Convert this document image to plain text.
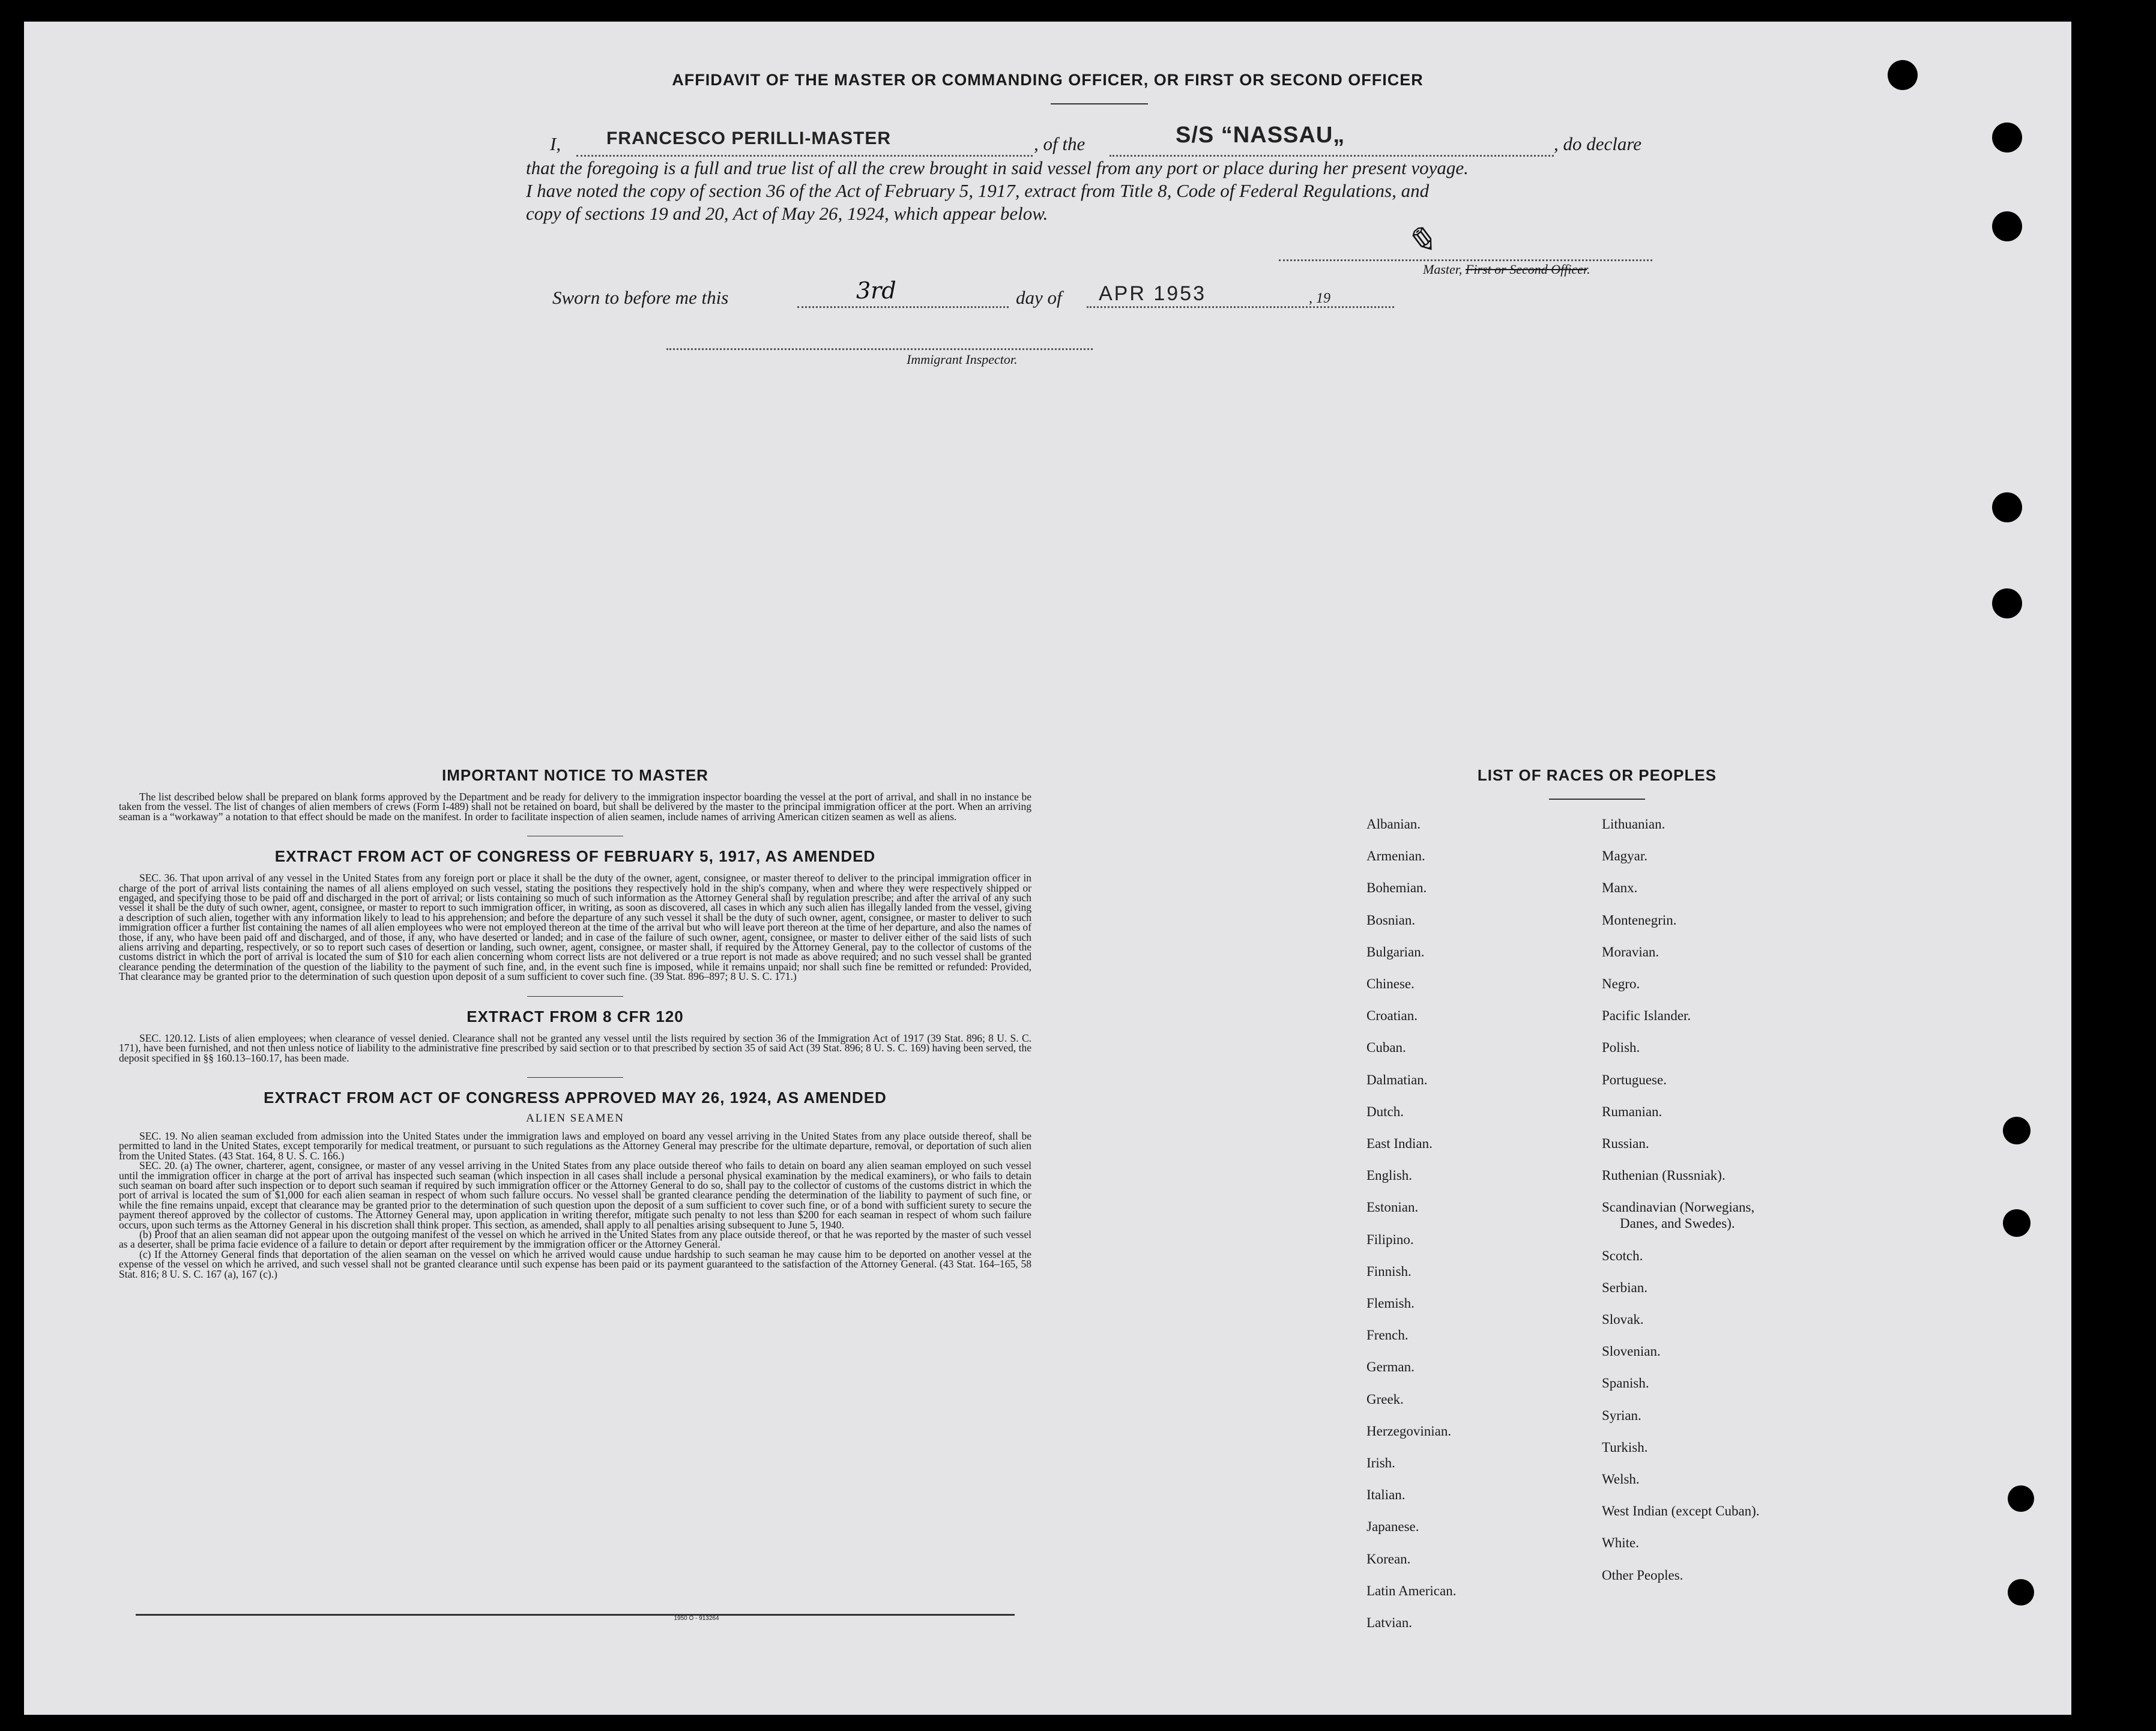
AFFIDAVIT OF THE MASTER OR COMMANDING OFFICER, OR FIRST OR SECOND OFFICER
I,	FRANCESCO PERILLI-MASTER	, of the	S/S “NASSAU„	, do declare
that the foregoing is a full and true list of all the crew brought in said vessel from any port or place during her present voyage.
I have noted the copy of section 36 of the Act of February 5, 1917, extract from Title 8, Code of Federal Regulations, and
copy of sections 19 and 20, Act of May 26, 1924, which appear below.
✎
Master, First or Second Officer.
Sworn to before me this	3rd	day of APR 1953	, 19
Immigrant Inspector.
IMPORTANT NOTICE TO MASTER

The list described below shall be prepared on blank forms approved by the Department and be ready for delivery to the immigration inspector boarding the vessel at the port of arrival, and shall in no instance be taken from the vessel. The list of changes of alien members of crews (Form I-489) shall not be retained on board, but shall be delivered by the master to the principal immigration officer at the port. When an arriving seaman is a “workaway” a notation to that effect should be made on the manifest. In order to facilitate inspection of alien seamen, include names of arriving American citizen seamen as well as aliens.

EXTRACT FROM ACT OF CONGRESS OF FEBRUARY 5, 1917, AS AMENDED

SEC. 36. That upon arrival of any vessel in the United States from any foreign port or place it shall be the duty of the owner, agent, consignee, or master thereof to deliver to the principal immigration officer in charge of the port of arrival lists containing the names of all aliens employed on such vessel, stating the positions they respectively hold in the ship's company, when and where they were respectively shipped or engaged, and specifying those to be paid off and discharged in the port of arrival; or lists containing so much of such information as the Attorney General shall by regulation prescribe; and after the arrival of any such vessel it shall be the duty of such owner, agent, consignee, or master to report to such immigration officer, in writing, as soon as discovered, all cases in which any such alien has illegally landed from the vessel, giving a description of such alien, together with any information likely to lead to his apprehension; and before the departure of any such vessel it shall be the duty of such owner, agent, consignee, or master to deliver to such immigration officer a further list containing the names of all alien employees who were not employed thereon at the time of the arrival but who will leave port thereon at the time of her departure, and also the names of those, if any, who have been paid off and discharged, and of those, if any, who have deserted or landed; and in case of the failure of such owner, agent, consignee, or master to deliver either of the said lists of such aliens arriving and departing, respectively, or so to report such cases of desertion or landing, such owner, agent, consignee, or master shall, if required by the Attorney General, pay to the collector of customs of the customs district in which the port of arrival is located the sum of $10 for each alien concerning whom correct lists are not delivered or a true report is not made as above required; and no such vessel shall be granted clearance pending the determination of the question of the liability to the payment of such fine, and, in the event such fine is imposed, while it remains unpaid; nor shall such fine be remitted or refunded: Provided, That clearance may be granted prior to the determination of such question upon deposit of a sum sufficient to cover such fine. (39 Stat. 896–897; 8 U. S. C. 171.)

EXTRACT FROM 8 CFR 120

SEC. 120.12. Lists of alien employees; when clearance of vessel denied. Clearance shall not be granted any vessel until the lists required by section 36 of the Immigration Act of 1917 (39 Stat. 896; 8 U. S. C. 171), have been furnished, and not then unless notice of liability to the administrative fine prescribed by said section or to that prescribed by section 35 of said Act (39 Stat. 896; 8 U. S. C. 169) having been served, the deposit specified in §§ 160.13–160.17, has been made.

EXTRACT FROM ACT OF CONGRESS APPROVED MAY 26, 1924, AS AMENDED
ALIEN SEAMEN

SEC. 19. No alien seaman excluded from admission into the United States under the immigration laws and employed on board any vessel arriving in the United States from any place outside thereof, shall be permitted to land in the United States, except temporarily for medical treatment, or pursuant to such regulations as the Attorney General may prescribe for the ultimate departure, removal, or deportation of such alien from the United States. (43 Stat. 164, 8 U. S. C. 166.)

SEC. 20. (a) The owner, charterer, agent, consignee, or master of any vessel arriving in the United States from any place outside thereof who fails to detain on board any alien seaman employed on such vessel until the immigration officer in charge at the port of arrival has inspected such seaman (which inspection in all cases shall include a personal physical examination by the medical examiners), or who fails to detain such seaman on board after such inspection or to deport such seaman if required by such immigration officer or the Attorney General to do so, shall pay to the collector of customs of the customs district in which the port of arrival is located the sum of $1,000 for each alien seaman in respect of whom such failure occurs. No vessel shall be granted clearance pending the determination of the liability to payment of such fine, or while the fine remains unpaid, except that clearance may be granted prior to the determination of such question upon the deposit of a sum sufficient to cover such fine, or of a bond with sufficient surety to secure the payment thereof approved by the collector of customs. The Attorney General may, upon application in writing therefor, mitigate such penalty to not less than $200 for each seaman in respect of whom such failure occurs, upon such terms as the Attorney General in his discretion shall think proper. This section, as amended, shall apply to all penalties arising subsequent to June 5, 1940.

(b) Proof that an alien seaman did not appear upon the outgoing manifest of the vessel on which he arrived in the United States from any place outside thereof, or that he was reported by the master of such vessel as a deserter, shall be prima facie evidence of a failure to detain or deport after requirement by the immigration officer or the Attorney General.

(c) If the Attorney General finds that deportation of the alien seaman on the vessel on which he arrived would cause undue hardship to such seaman he may cause him to be deported on another vessel at the expense of the vessel on which he arrived, and such vessel shall not be granted clearance until such expense has been paid or its payment guaranteed to the satisfaction of the Attorney General. (43 Stat. 164–165, 58 Stat. 816; 8 U. S. C. 167 (a), 167 (c).)

1950 O - 913264
LIST OF RACES OR PEOPLES
Albanian.
Armenian.
Bohemian.
Bosnian.
Bulgarian.
Chinese.
Croatian.
Cuban.
Dalmatian.
Dutch.
East Indian.
English.
Estonian.
Filipino.
Finnish.
Flemish.
French.
German.
Greek.
Herzegovinian.
Irish.
Italian.
Japanese.
Korean.
Latin American.
Latvian.
Lithuanian.
Magyar.
Manx.
Montenegrin.
Moravian.
Negro.
Pacific Islander.
Polish.
Portuguese.
Rumanian.
Russian.
Ruthenian (Russniak).
Scandinavian (Norwegians,
Danes, and Swedes).
Scotch.
Serbian.
Slovak.
Slovenian.
Spanish.
Syrian.
Turkish.
Welsh.
West Indian (except Cuban).
White.
Other Peoples.
